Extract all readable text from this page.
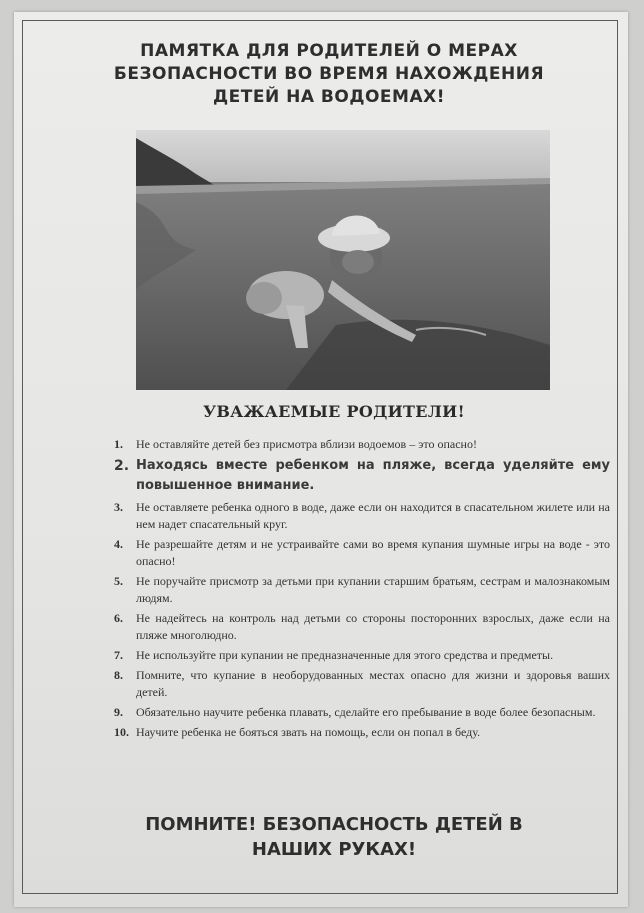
ПАМЯТКА ДЛЯ РОДИТЕЛЕЙ О МЕРАХ
БЕЗОПАСНОСТИ ВО ВРЕМЯ НАХОЖДЕНИЯ
ДЕТЕЙ НА ВОДОЕМАХ!
УВАЖАЕМЫЕ РОДИТЕЛИ!
1. Не оставляйте детей без присмотра вблизи водоемов – это опасно!
2. Находясь вместе ребенком на пляже, всегда уделяйте ему повышенное внимание.
3. Не оставляете ребенка одного в воде, даже если он находится в спасательном жилете или на нем надет спасательный круг.
4. Не разрешайте детям и не устраивайте сами во время купания шумные игры на воде - это опасно!
5. Не поручайте присмотр за детьми при купании старшим братьям, сестрам и малознакомым людям.
6. Не надейтесь на контроль над детьми со стороны посторонних взрослых, даже если на пляже многолюдно.
7. Не используйте при купании не предназначенные для этого средства и предметы.
8. Помните, что купание в необорудованных местах опасно для жизни и здоровья ваших детей.
9. Обязательно научите ребенка плавать, сделайте его пребывание в воде более безопасным.
10. Научите ребенка не бояться звать на помощь, если он попал в беду.
ПОМНИТЕ! БЕЗОПАСНОСТЬ ДЕТЕЙ В
НАШИХ РУКАХ!
